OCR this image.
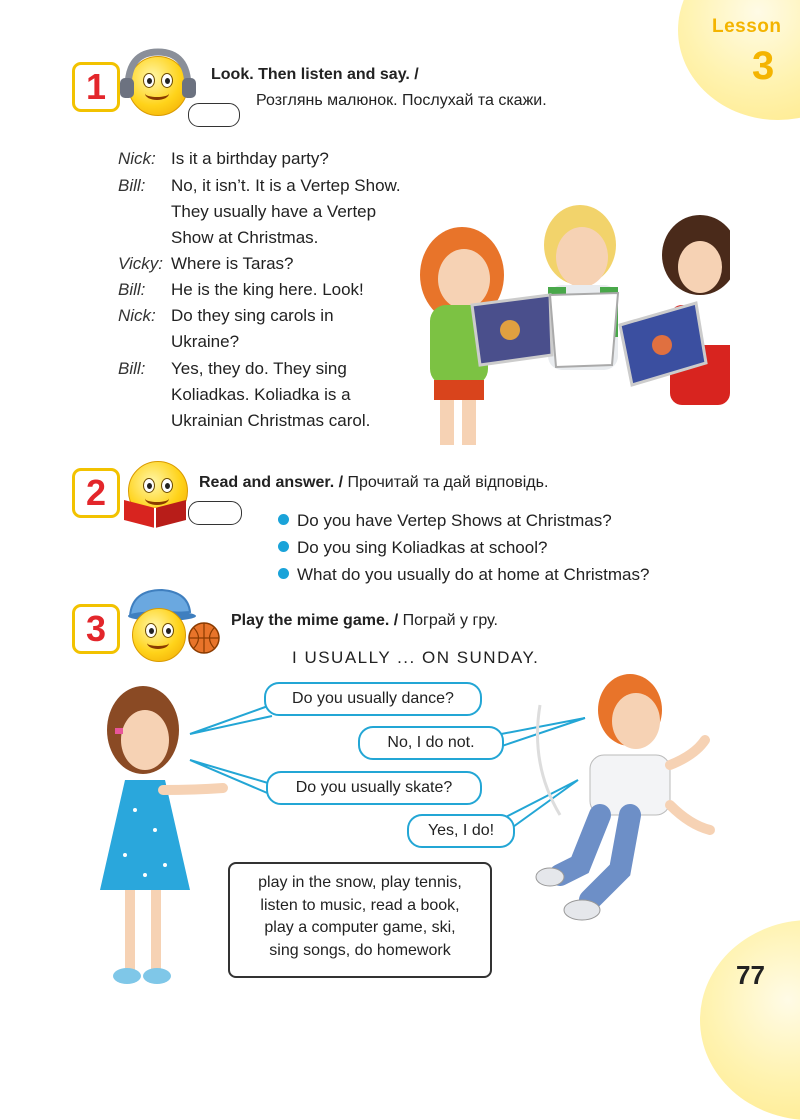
Lesson
3
1	Look. Then listen and say. /
Розглянь малюнок. Послухай та скажи.
Nick: Is it a birthday party?
Bill: No, it isn’t. It is a Vertep Show.
They usually have a Vertep
Show at Christmas.
Vicky: Where is Taras?
Bill: He is the king here. Look!
Nick: Do they sing carols in
Ukraine?
Bill: Yes, they do. They sing
Koliadkas. Koliadka is a
Ukrainian Christmas carol.
2	Read and answer. / Прочитай та дай відповідь.
Do you have Vertep Shows at Christmas?
Do you sing Koliadkas at school?
What do you usually do at home at Christmas?
3	Play the mime game. / Пограй у гру.
I USUALLY ... ON SUNDAY.
Do you usually dance?
No, I do not.
Do you usually skate?
Yes, I do!
play in the snow, play tennis,
listen to music, read a book,
play a computer game, ski,
sing songs, do homework
77
